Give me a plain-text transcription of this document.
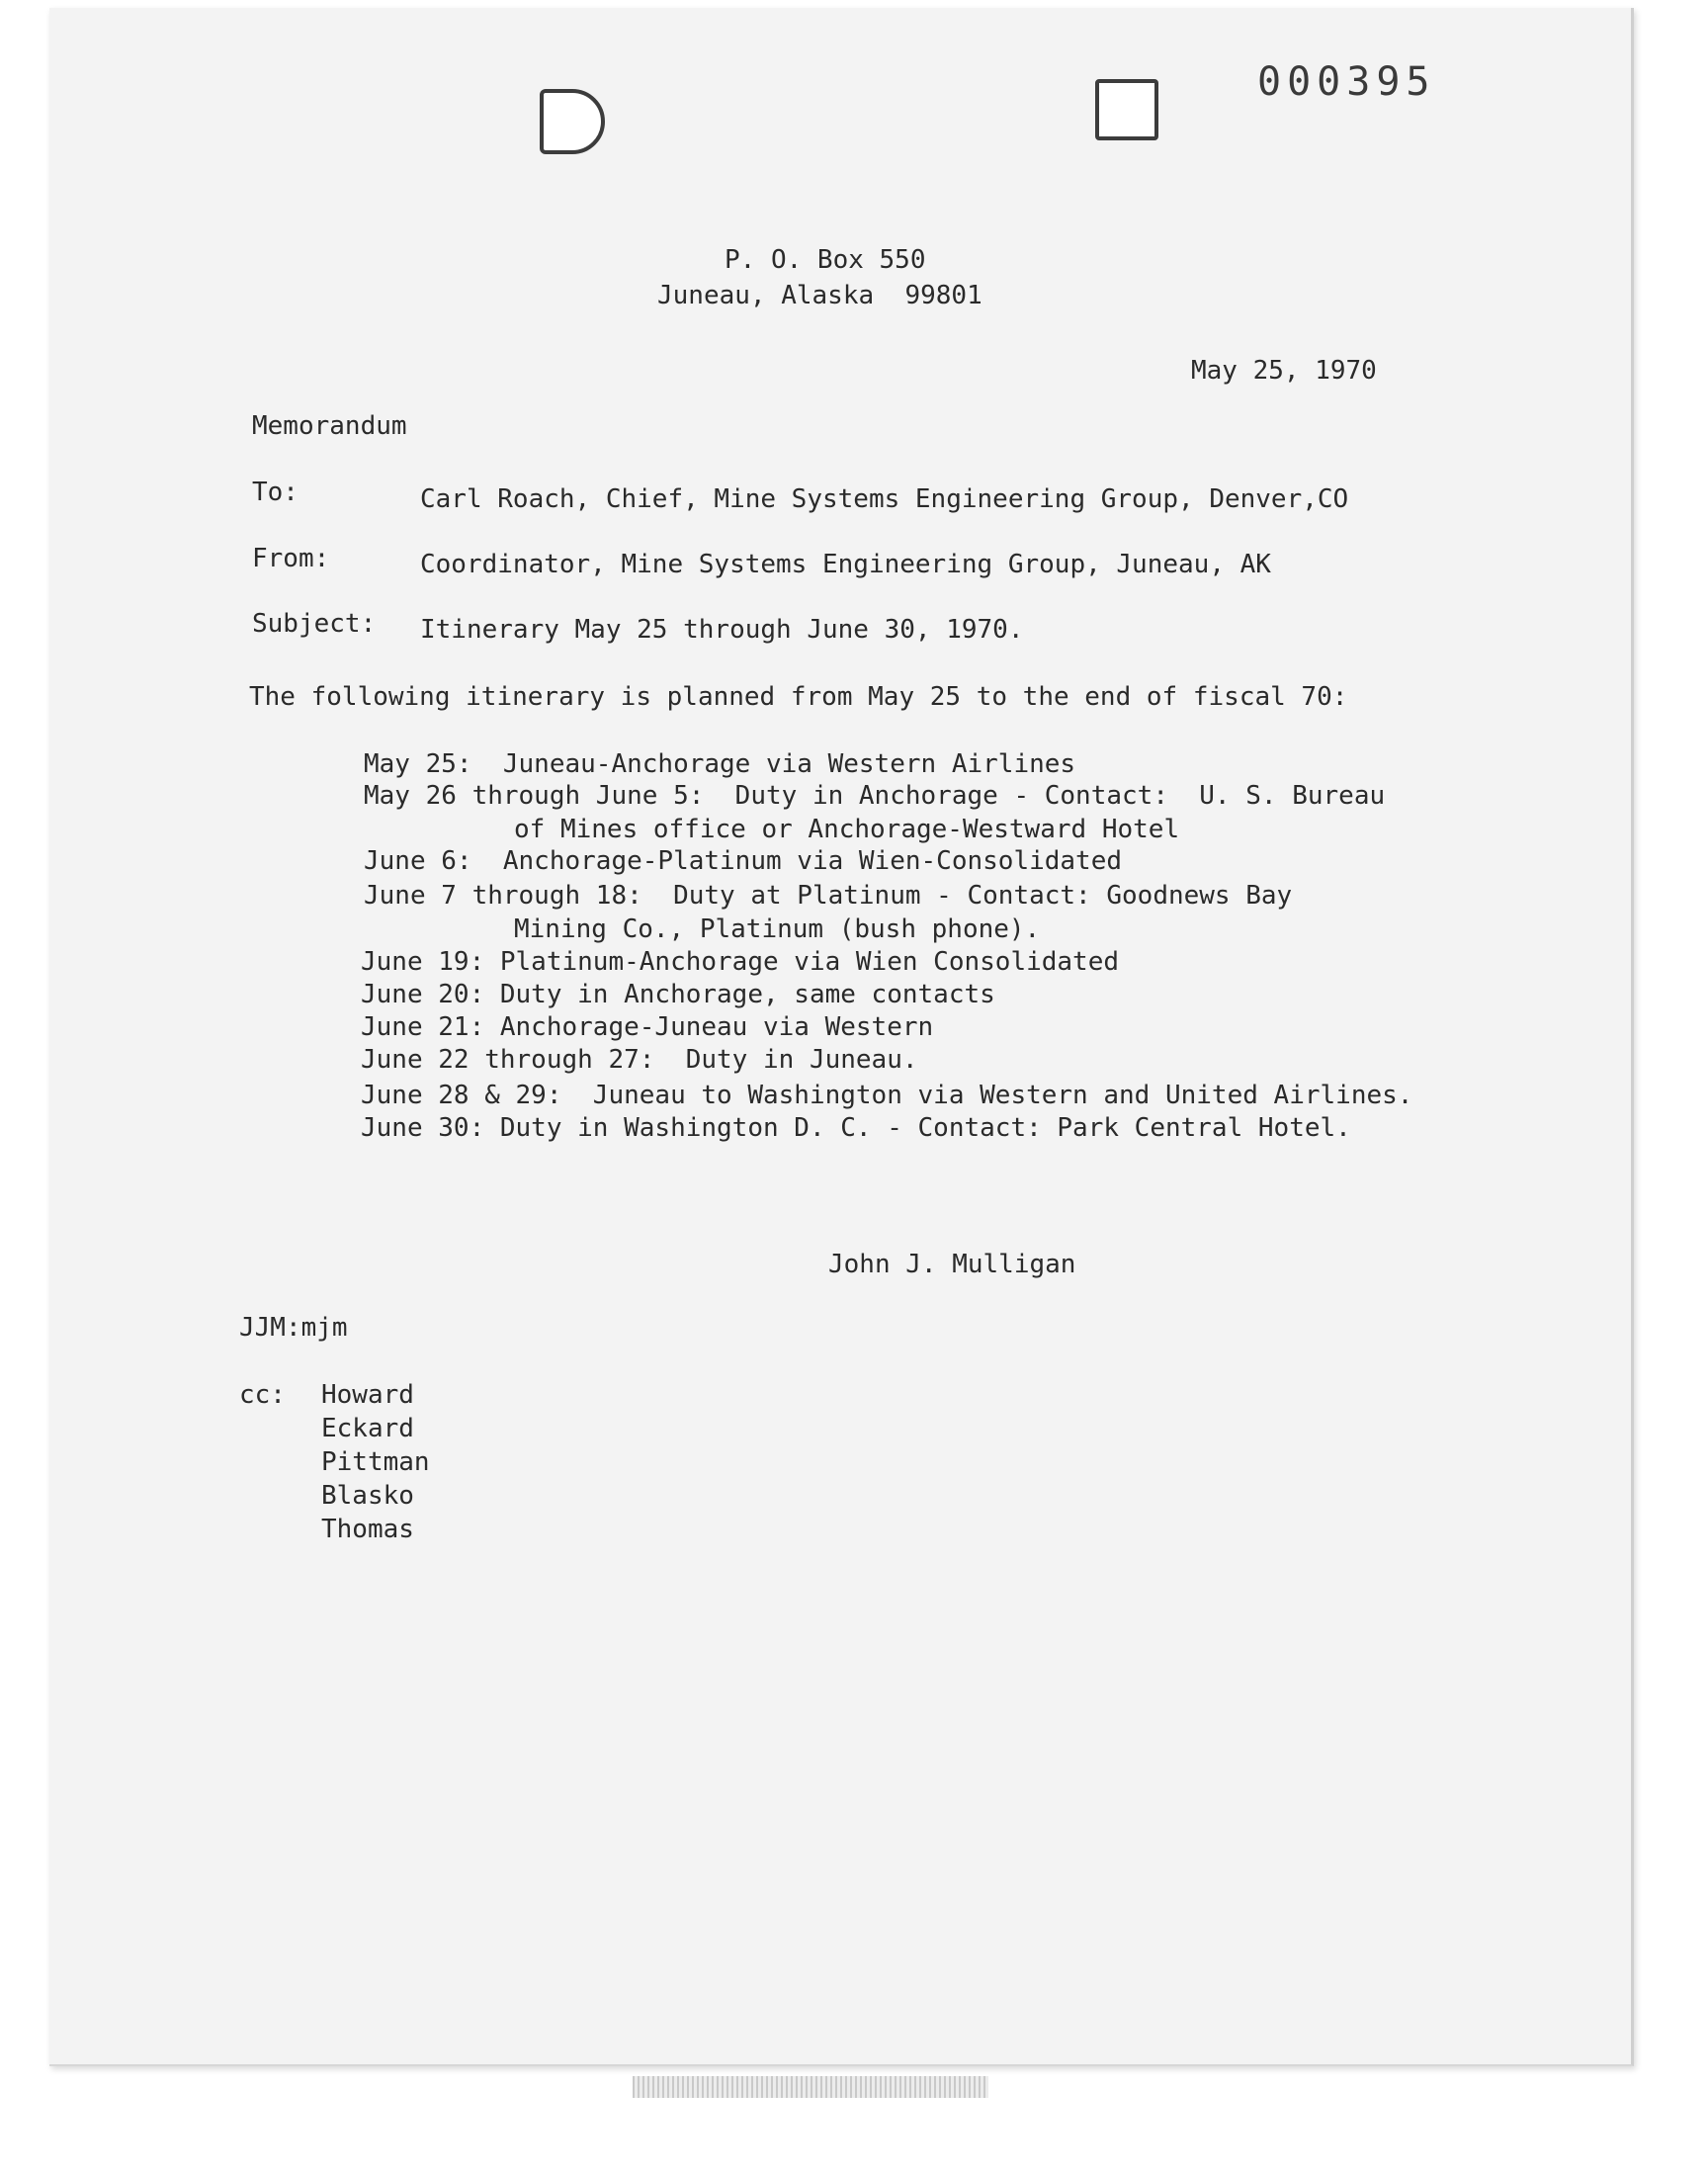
000395
P. O. Box 550
Juneau, Alaska  99801
May 25, 1970
Memorandum
To:	Carl Roach, Chief, Mine Systems Engineering Group, Denver,CO
From:	Coordinator, Mine Systems Engineering Group, Juneau, AK
Subject: Itinerary May 25 through June 30, 1970.
The following itinerary is planned from May 25 to the end of fiscal 70:
May 25:  Juneau-Anchorage via Western Airlines
May 26 through June 5:  Duty in Anchorage - Contact:  U. S. Bureau
of Mines office or Anchorage-Westward Hotel
June 6:  Anchorage-Platinum via Wien-Consolidated
June 7 through 18:  Duty at Platinum - Contact: Goodnews Bay
Mining Co., Platinum (bush phone).
June 19: Platinum-Anchorage via Wien Consolidated
June 20: Duty in Anchorage, same contacts
June 21: Anchorage-Juneau via Western
June 22 through 27:  Duty in Juneau.
June 28 & 29:  Juneau to Washington via Western and United Airlines.
June 30: Duty in Washington D. C. - Contact: Park Central Hotel.
John J. Mulligan
JJM:mjm
cc: Howard
Eckard
Pittman
Blasko
Thomas
